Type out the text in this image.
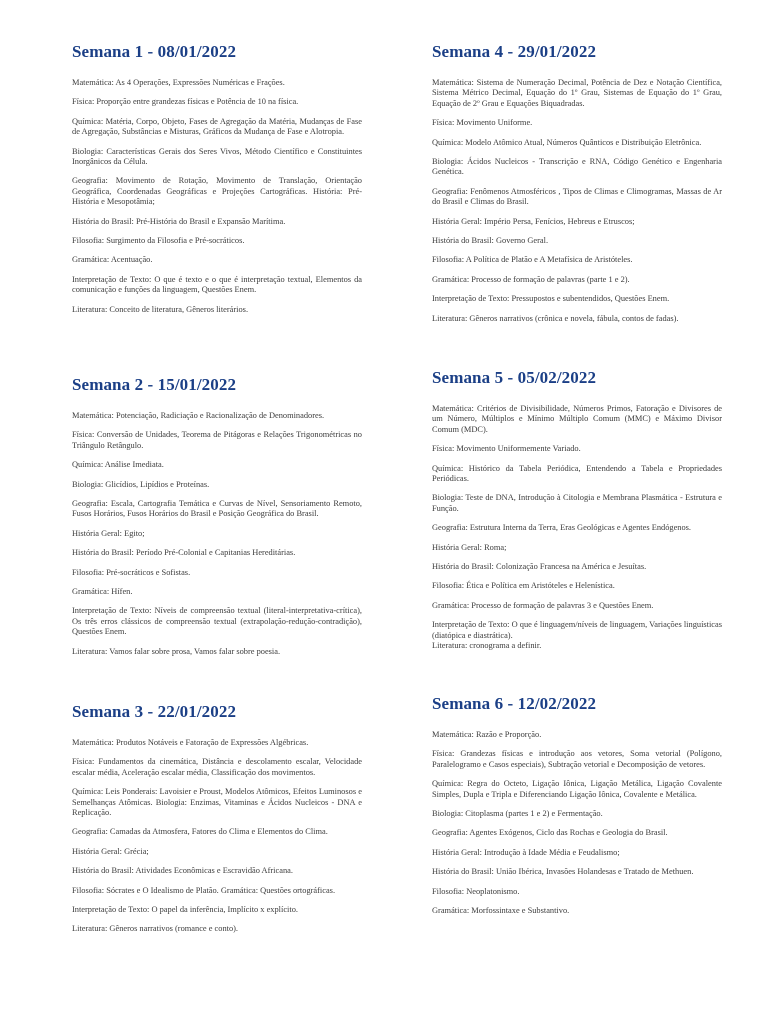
Semana 1 - 08/01/2022

Matemática: As 4 Operações, Expressões Numéricas e Frações.

Física: Proporção entre grandezas físicas e Potência de 10 na física.

Química: Matéria, Corpo, Objeto, Fases de Agregação da Matéria, Mudanças de Fase de Agregação, Substâncias e Misturas, Gráficos da Mudança de Fase e Alotropia.

Biologia: Características Gerais dos Seres Vivos, Método Científico e Constituintes Inorgânicos da Célula.

Geografia: Movimento de Rotação, Movimento de Translação, Orientação Geográfica, Coordenadas Geográficas e Projeções Cartográficas. História: Pré-História e Mesopotâmia;

História do Brasil: Pré-História do Brasil e Expansão Marítima.

Filosofia: Surgimento da Filosofia e Pré-socráticos.

Gramática: Acentuação.

Interpretação de Texto: O que é texto e o que é interpretação textual, Elementos da comunicação e funções da linguagem, Questões Enem.

Literatura: Conceito de literatura, Gêneros literários.

Semana 2 - 15/01/2022

Matemática: Potenciação, Radiciação e Racionalização de Denominadores.

Física: Conversão de Unidades, Teorema de Pitágoras e Relações Trigonométricas no Triângulo Retângulo.

Química: Análise Imediata.

Biologia: Glicídios, Lipídios e Proteínas.

Geografia: Escala, Cartografia Temática e Curvas de Nível, Sensoriamento Remoto, Fusos Horários, Fusos Horários do Brasil e Posição Geográfica do Brasil.

História Geral: Egito;

História do Brasil: Período Pré-Colonial e Capitanias Hereditárias.

Filosofia: Pré-socráticos e Sofistas.

Gramática: Hífen.

Interpretação de Texto: Níveis de compreensão textual (literal-interpretativa-crítica), Os três erros clássicos de compreensão textual (extrapolação-redução-contradição), Questões Enem.

Literatura: Vamos falar sobre prosa, Vamos falar sobre poesia.

Semana 3 - 22/01/2022

Matemática: Produtos Notáveis e Fatoração de Expressões Algébricas.

Física: Fundamentos da cinemática, Distância e descolamento escalar, Velocidade escalar média, Aceleração escalar média, Classificação dos movimentos.

Química: Leis Ponderais: Lavoisier e Proust, Modelos Atômicos, Efeitos Luminosos e Semelhanças Atômicas. Biologia: Enzimas, Vitaminas e Ácidos Nucleicos - DNA e Replicação.

Geografia: Camadas da Atmosfera, Fatores do Clima e Elementos do Clima.

História Geral: Grécia;

História do Brasil: Atividades Econômicas e Escravidão Africana.

Filosofia: Sócrates e O Idealismo de Platão. Gramática: Questões ortográficas.

Interpretação de Texto: O papel da inferência, Implícito x explícito.

Literatura: Gêneros narrativos (romance e conto).

Semana 4 - 29/01/2022

Matemática: Sistema de Numeração Decimal, Potência de Dez e Notação Científica, Sistema Métrico Decimal, Equação do 1º Grau, Sistemas de Equação do 1º Grau, Equação de 2º Grau e Equações Biquadradas.

Física: Movimento Uniforme.

Química: Modelo Atômico Atual, Números Quânticos e Distribuição Eletrônica.

Biologia: Ácidos Nucleicos - Transcrição e RNA, Código Genético e Engenharia Genética.

Geografia: Fenômenos Atmosféricos , Tipos de Climas e Climogramas, Massas de Ar do Brasil e Climas do Brasil.

História Geral: Império Persa, Fenícios, Hebreus e Etruscos;

História do Brasil: Governo Geral.

Filosofia: A Política de Platão e A Metafísica de Aristóteles.

Gramática: Processo de formação de palavras (parte 1 e 2).

Interpretação de Texto: Pressupostos e subentendidos, Questões Enem.

Literatura: Gêneros narrativos (crônica e novela, fábula, contos de fadas).

Semana 5 - 05/02/2022

Matemática: Critérios de Divisibilidade, Números Primos, Fatoração e Divisores de um Número, Múltiplos e Mínimo Múltiplo Comum (MMC) e Máximo Divisor Comum (MDC).

Física: Movimento Uniformemente Variado.

Química: Histórico da Tabela Periódica, Entendendo a Tabela e Propriedades Periódicas.

Biologia: Teste de DNA, Introdução à Citologia e Membrana Plasmática - Estrutura e Função.

Geografia: Estrutura Interna da Terra, Eras Geológicas e Agentes Endógenos.

História Geral: Roma;

História do Brasil: Colonização Francesa na América e Jesuítas.

Filosofia: Ética e Política em Aristóteles e Helenística.

Gramática: Processo de formação de palavras 3 e Questões Enem.

Interpretação de Texto: O que é linguagem/níveis de linguagem, Variações linguísticas (diatópica e diastrática).
Literatura: cronograma a definir.

Semana 6 - 12/02/2022

Matemática: Razão e Proporção.

Física: Grandezas físicas e introdução aos vetores, Soma vetorial (Polígono, Paralelogramo e Casos especiais), Subtração vetorial e Decomposição de vetores.

Química: Regra do Octeto, Ligação Iônica, Ligação Metálica, Ligação Covalente Simples, Dupla e Tripla e Diferenciando Ligação Iônica, Covalente e Metálica.

Biologia: Citoplasma (partes 1 e 2) e Fermentação.

Geografia: Agentes Exógenos, Ciclo das Rochas e Geologia do Brasil.

História Geral: Introdução à Idade Média e Feudalismo;

História do Brasil: União Ibérica, Invasões Holandesas e Tratado de Methuen.

Filosofia: Neoplatonismo.

Gramática: Morfossintaxe e Substantivo.
